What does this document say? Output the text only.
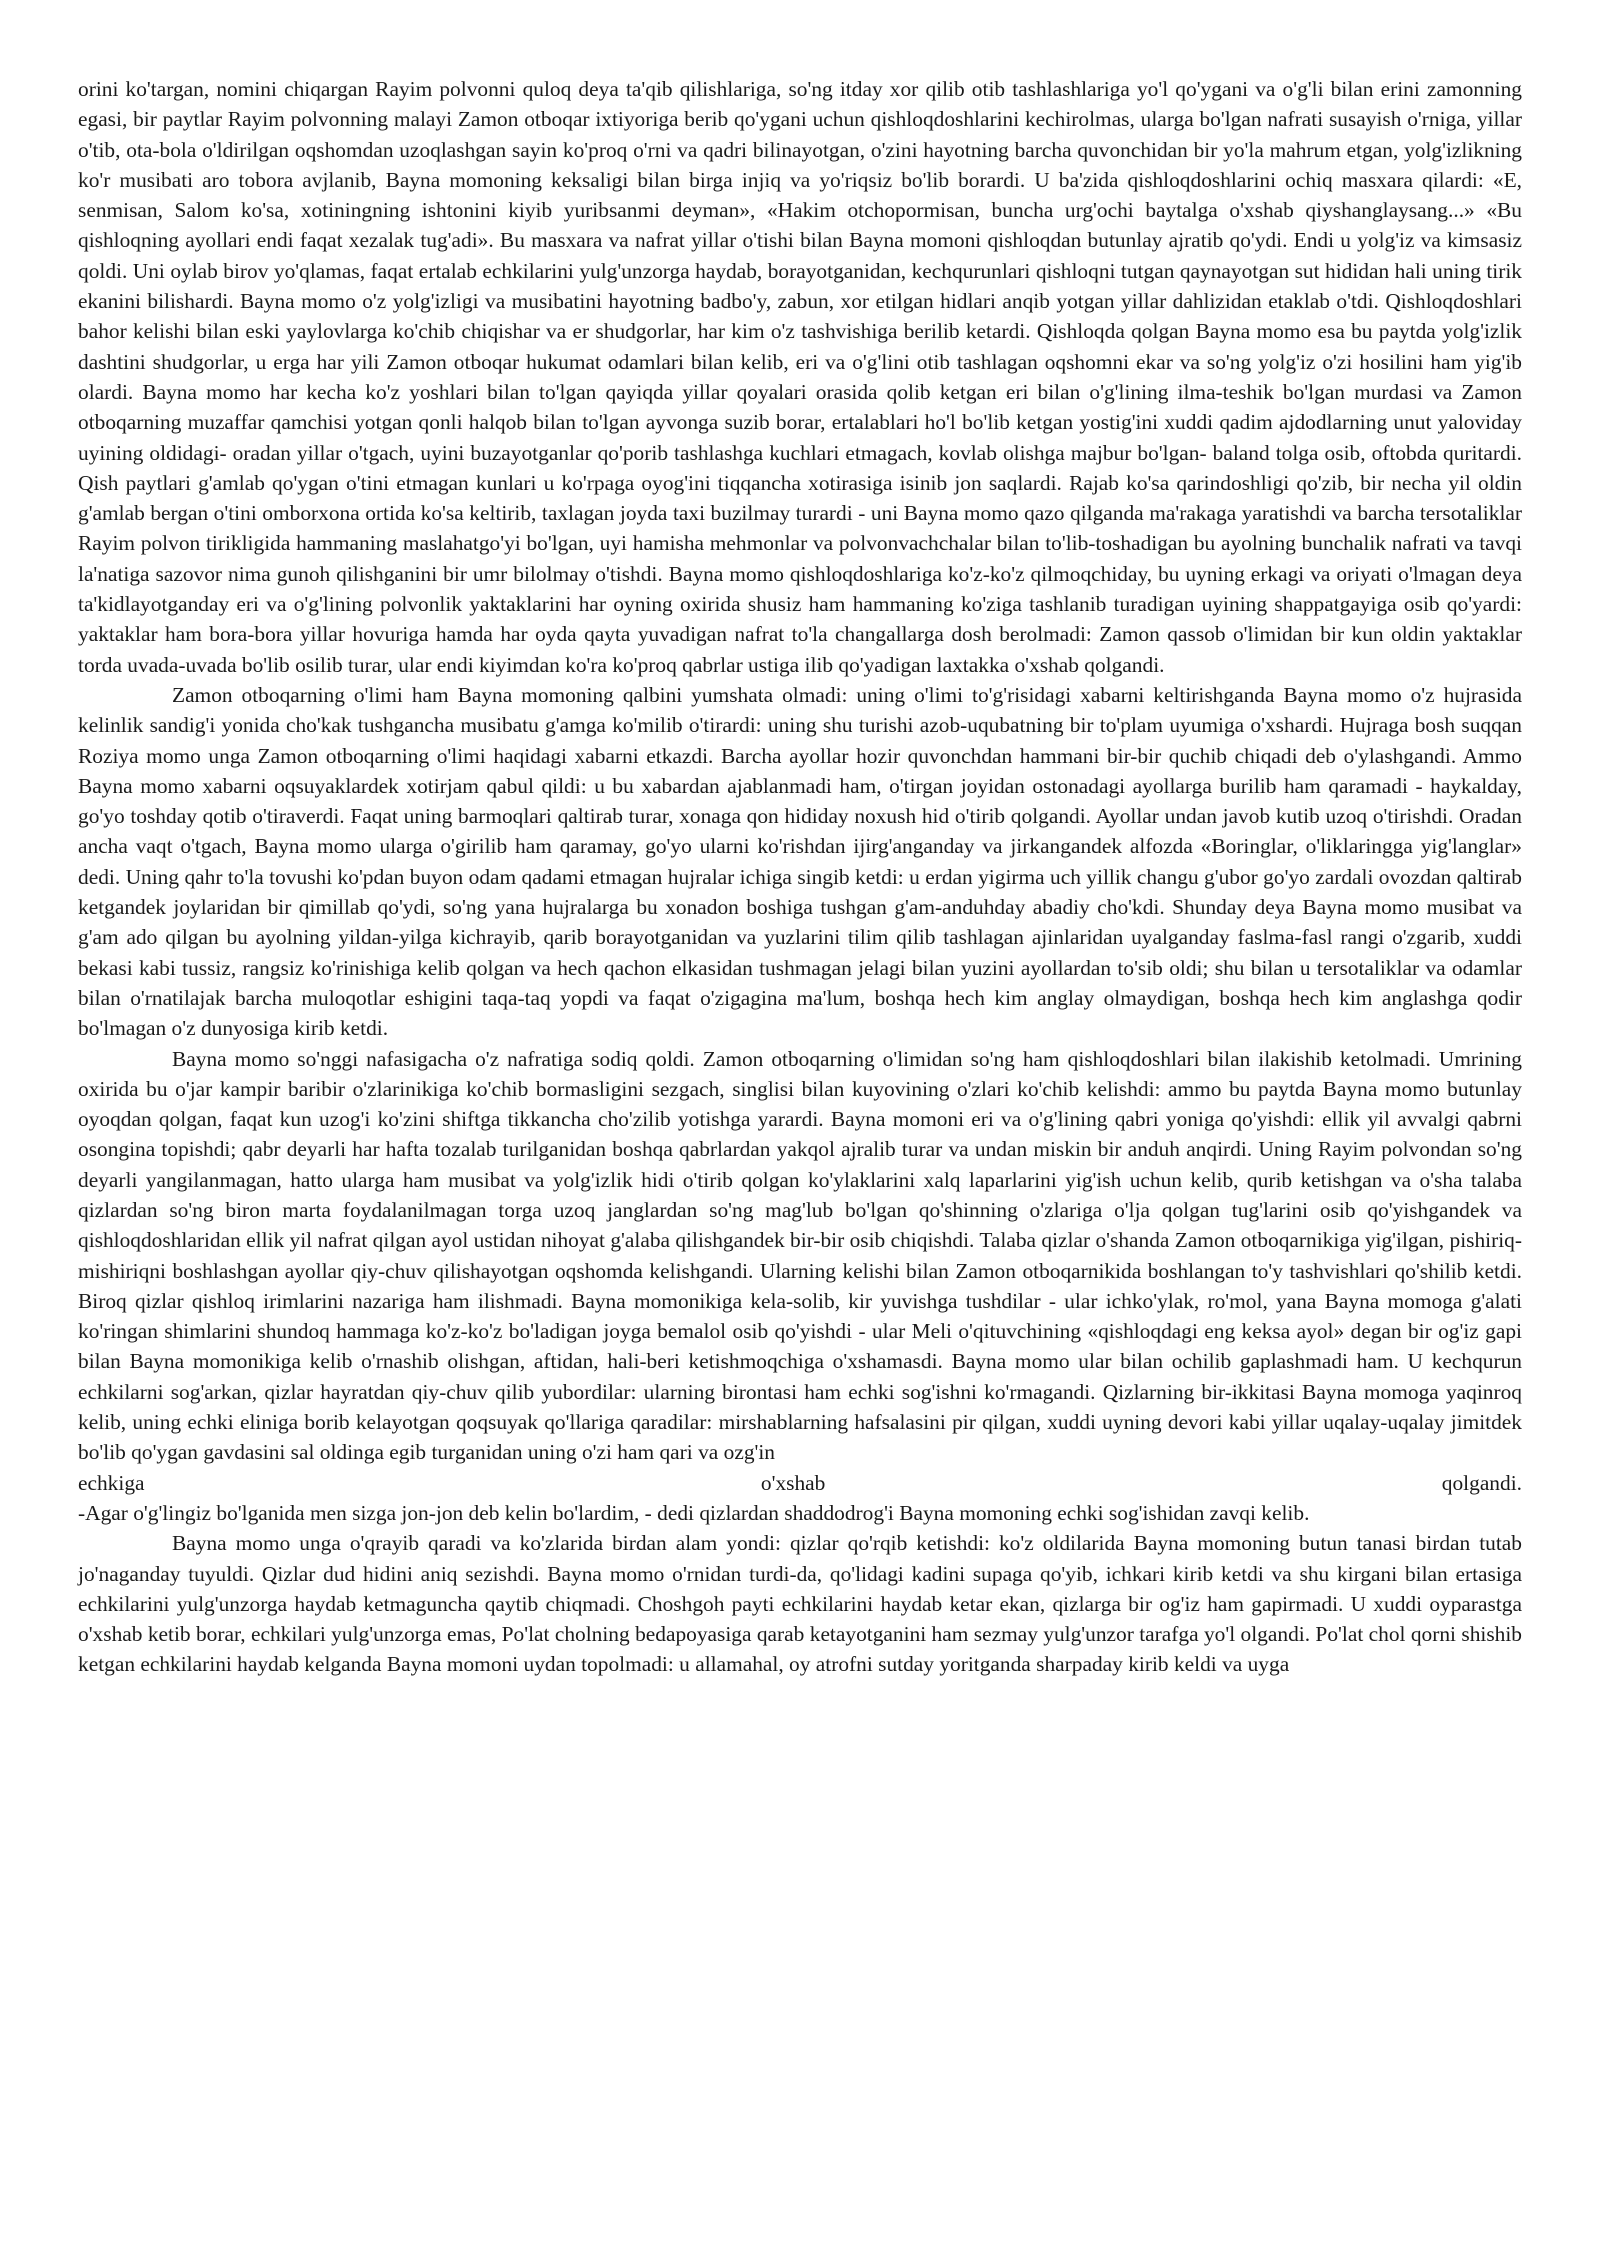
orini ko'targan, nomini chiqargan Rayim polvonni quloq deya ta'qib qilishlariga, so'ng itday xor qilib otib tashlashlariga yo'l qo'ygani va o'g'li bilan erini zamonning egasi, bir paytlar Rayim polvonning malayi Zamon otboqar ixtiyoriga berib qo'ygani uchun qishloqdoshlarini kechirolmas, ularga bo'lgan nafrati susayish o'rniga, yillar o'tib, ota-bola o'ldirilgan oqshomdan uzoqlashgan sayin ko'proq o'rni va qadri bilinayotgan, o'zini hayotning barcha quvonchidan bir yo'la mahrum etgan, yolg'izlikning ko'r musibati aro tobora avjlanib, Bayna momoning keksaligi bilan birga injiq va yo'riqsiz bo'lib borardi. U ba'zida qishloqdoshlarini ochiq masxara qilardi: «E, senmisan, Salom ko'sa, xotiningning ishtonini kiyib yuribsanmi deyman», «Hakim otchopormisan, buncha urg'ochi baytalga o'xshab qiyshanglaysang...» «Bu qishloqning ayollari endi faqat xezalak tug'adi». Bu masxara va nafrat yillar o'tishi bilan Bayna momoni qishloqdan butunlay ajratib qo'ydi. Endi u yolg'iz va kimsasiz qoldi. Uni oylab birov yo'qlamas, faqat ertalab echkilarini yulg'unzorga haydab, borayotganidan, kechqurunlari qishloqni tutgan qaynayotgan sut hididan hali uning tirik ekanini bilishardi. Bayna momo o'z yolg'izligi va musibatini hayotning badbo'y, zabun, xor etilgan hidlari anqib yotgan yillar dahlizidan etaklab o'tdi. Qishloqdoshlari bahor kelishi bilan eski yaylovlarga ko'chib chiqishar va er shudgorlar, har kim o'z tashvishiga berilib ketardi. Qishloqda qolgan Bayna momo esa bu paytda yolg'izlik dashtini shudgorlar, u erga har yili Zamon otboqar hukumat odamlari bilan kelib, eri va o'g'lini otib tashlagan oqshomni ekar va so'ng yolg'iz o'zi hosilini ham yig'ib olardi. Bayna momo har kecha ko'z yoshlari bilan to'lgan qayiqda yillar qoyalari orasida qolib ketgan eri bilan o'g'lining ilma-teshik bo'lgan murdasi va Zamon otboqarning muzaffar qamchisi yotgan qonli halqob bilan to'lgan ayvonga suzib borar, ertalablari ho'l bo'lib ketgan yostig'ini xuddi qadim ajdodlarning unut yaloviday uyining oldidagi- oradan yillar o'tgach, uyini buzayotganlar qo'porib tashlashga kuchlari etmagach, kovlab olishga majbur bo'lgan- baland tolga osib, oftobda quritardi. Qish paytlari g'amlab qo'ygan o'tini etmagan kunlari u ko'rpaga oyog'ini tiqqancha xotirasiga isinib jon saqlardi. Rajab ko'sa qarindoshligi qo'zib, bir necha yil oldin g'amlab bergan o'tini omborxona ortida ko'sa keltirib, taxlagan joyda taxi buzilmay turardi - uni Bayna momo qazo qilganda ma'rakaga yaratishdi va barcha tersotaliklar Rayim polvon tirikligida hammaning maslahatgo'yi bo'lgan, uyi hamisha mehmonlar va polvonvachchalar bilan to'lib-toshadigan bu ayolning bunchalik nafrati va tavqi la'natiga sazovor nima gunoh qilishganini bir umr bilolmay o'tishdi. Bayna momo qishloqdoshlariga ko'z-ko'z qilmoqchiday, bu uyning erkagi va oriyati o'lmagan deya ta'kidlayotganday eri va o'g'lining polvonlik yaktaklarini har oyning oxirida shusiz ham hammaning ko'ziga tashlanib turadigan uyining shappatgayiga osib qo'yardi: yaktaklar ham bora-bora yillar hovuriga hamda har oyda qayta yuvadigan nafrat to'la changallarga dosh berolmadi: Zamon qassob o'limidan bir kun oldin yaktaklar torda uvada-uvada bo'lib osilib turar, ular endi kiyimdan ko'ra ko'proq qabrlar ustiga ilib qo'yadigan laxtakka o'xshab qolgandi.

Zamon otboqarning o'limi ham Bayna momoning qalbini yumshata olmadi: uning o'limi to'g'risidagi xabarni keltirishganda Bayna momo o'z hujrasida kelinlik sandig'i yonida cho'kak tushgancha musibatu g'amga ko'milib o'tirardi: uning shu turishi azob-uqubatning bir to'plam uyumiga o'xshardi. Hujraga bosh suqqan Roziya momo unga Zamon otboqarning o'limi haqidagi xabarni etkazdi. Barcha ayollar hozir quvonchdan hammani bir-bir quchib chiqadi deb o'ylashgandi. Ammo Bayna momo xabarni oqsuyaklardek xotirjam qabul qildi: u bu xabardan ajablanmadi ham, o'tirgan joyidan ostonadagi ayollarga burilib ham qaramadi - haykalday, go'yo toshday qotib o'tiraverdi. Faqat uning barmoqlari qaltirab turar, xonaga qon hididay noxush hid o'tirib qolgandi. Ayollar undan javob kutib uzoq o'tirishdi. Oradan ancha vaqt o'tgach, Bayna momo ularga o'girilib ham qaramay, go'yo ularni ko'rishdan ijirg'anganday va jirkangandek alfozda «Boringlar, o'liklaringga yig'langlar» dedi. Uning qahr to'la tovushi ko'pdan buyon odam qadami etmagan hujralar ichiga singib ketdi: u erdan yigirma uch yillik changu g'ubor go'yo zardali ovozdan qaltirab ketgandek joylaridan bir qimillab qo'ydi, so'ng yana hujralarga bu xonadon boshiga tushgan g'am-anduhday abadiy cho'kdi. Shunday deya Bayna momo musibat va g'am ado qilgan bu ayolning yildan-yilga kichrayib, qarib borayotganidan va yuzlarini tilim qilib tashlagan ajinlaridan uyalganday faslma-fasl rangi o'zgarib, xuddi bekasi kabi tussiz, rangsiz ko'rinishiga kelib qolgan va hech qachon elkasidan tushmagan jelagi bilan yuzini ayollardan to'sib oldi; shu bilan u tersotaliklar va odamlar bilan o'rnatilajak barcha muloqotlar eshigini taqa-taq yopdi va faqat o'zigagina ma'lum, boshqa hech kim anglay olmaydigan, boshqa hech kim anglashga qodir bo'lmagan o'z dunyosiga kirib ketdi.

Bayna momo so'nggi nafasigacha o'z nafratiga sodiq qoldi. Zamon otboqarning o'limidan so'ng ham qishloqdoshlari bilan ilakishib ketolmadi. Umrining oxirida bu o'jar kampir baribir o'zlarinikiga ko'chib bormasligini sezgach, singlisi bilan kuyovining o'zlari ko'chib kelishdi: ammo bu paytda Bayna momo butunlay oyoqdan qolgan, faqat kun uzog'i ko'zini shiftga tikkancha cho'zilib yotishga yarardi. Bayna momoni eri va o'g'lining qabri yoniga qo'yishdi: ellik yil avvalgi qabrni osongina topishdi; qabr deyarli har hafta tozalab turilganidan boshqa qabrlardan yakqol ajralib turar va undan miskin bir anduh anqirdi. Uning Rayim polvondan so'ng deyarli yangilanmagan, hatto ularga ham musibat va yolg'izlik hidi o'tirib qolgan ko'ylaklarini xalq laparlarini yig'ish uchun kelib, qurib ketishgan va o'sha talaba qizlardan so'ng biron marta foydalanilmagan torga uzoq janglardan so'ng mag'lub bo'lgan qo'shinning o'zlariga o'lja qolgan tug'larini osib qo'yishgandek va qishloqdoshlaridan ellik yil nafrat qilgan ayol ustidan nihoyat g'alaba qilishgandek bir-bir osib chiqishdi. Talaba qizlar o'shanda Zamon otboqarnikiga yig'ilgan, pishiriq-mishiriqni boshlashgan ayollar qiy-chuv qilishayotgan oqshomda kelishgandi. Ularning kelishi bilan Zamon otboqarnikida boshlangan to'y tashvishlari qo'shilib ketdi. Biroq qizlar qishloq irimlarini nazariga ham ilishmadi. Bayna momonikiga kela-solib, kir yuvishga tushdilar - ular ichko'ylak, ro'mol, yana Bayna momoga g'alati ko'ringan shimlarini shundoq hammaga ko'z-ko'z bo'ladigan joyga bemalol osib qo'yishdi - ular Meli o'qituvchining «qishloqdagi eng keksa ayol» degan bir og'iz gapi bilan Bayna momonikiga kelib o'rnashib olishgan, aftidan, hali-beri ketishmoqchiga o'xshamasdi. Bayna momo ular bilan ochilib gaplashmadi ham. U kechqurun echkilarni sog'arkan, qizlar hayratdan qiy-chuv qilib yubordilar: ularning birontasi ham echki sog'ishni ko'rmagandi. Qizlarning bir-ikkitasi Bayna momoga yaqinroq kelib, uning echki eliniga borib kelayotgan qoqsuyak qo'llariga qaradilar: mirshablarning hafsalasini pir qilgan, xuddi uyning devori kabi yillar uqalay-uqalay jimitdek bo'lib qo'ygan gavdasini sal oldinga egib turganidan uning o'zi ham qari va ozg'in

echkiga o'xshab qolgandi.

-Agar o'g'lingiz bo'lganida men sizga jon-jon deb kelin bo'lardim, - dedi qizlardan shaddodrog'i Bayna momoning echki sog'ishidan zavqi kelib.

Bayna momo unga o'qrayib qaradi va ko'zlarida birdan alam yondi: qizlar qo'rqib ketishdi: ko'z oldilarida Bayna momoning butun tanasi birdan tutab jo'naganday tuyuldi. Qizlar dud hidini aniq sezishdi. Bayna momo o'rnidan turdi-da, qo'lidagi kadini supaga qo'yib, ichkari kirib ketdi va shu kirgani bilan ertasiga echkilarini yulg'unzorga haydab ketmaguncha qaytib chiqmadi. Choshgoh payti echkilarini haydab ketar ekan, qizlarga bir og'iz ham gapirmadi. U xuddi oyparastga o'xshab ketib borar, echkilari yulg'unzorga emas, Po'lat cholning bedapoyasiga qarab ketayotganini ham sezmay yulg'unzor tarafga yo'l olgandi. Po'lat chol qorni shishib ketgan echkilarini haydab kelganda Bayna momoni uydan topolmadi: u allamahal, oy atrofni sutday yoritganda sharpaday kirib keldi va uyga
